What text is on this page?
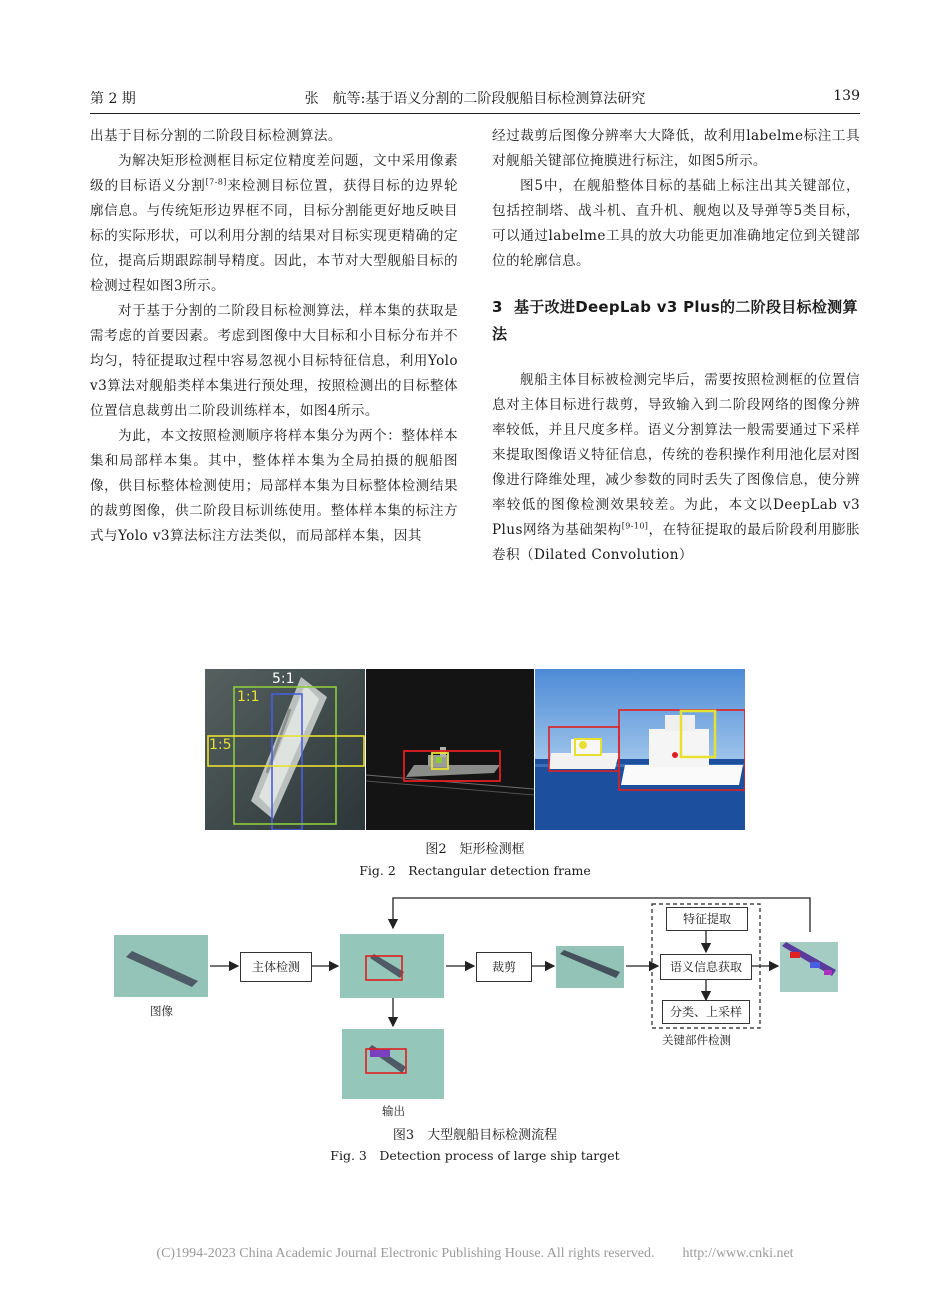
第 2 期	张　航等:基于语义分割的二阶段舰船目标检测算法研究	139

出基于目标分割的二阶段目标检测算法。

为解决矩形检测框目标定位精度差问题，文中采用像素级的目标语义分割[7-8]来检测目标位置，获得目标的边界轮廓信息。与传统矩形边界框不同，目标分割能更好地反映目标的实际形状，可以利用分割的结果对目标实现更精确的定位，提高后期跟踪制导精度。因此，本节对大型舰船目标的检测过程如图3所示。

对于基于分割的二阶段目标检测算法，样本集的获取是需考虑的首要因素。考虑到图像中大目标和小目标分布并不均匀，特征提取过程中容易忽视小目标特征信息，利用Yolo v3算法对舰船类样本集进行预处理，按照检测出的目标整体位置信息裁剪出二阶段训练样本，如图4所示。

为此，本文按照检测顺序将样本集分为两个：整体样本集和局部样本集。其中，整体样本集为全局拍摄的舰船图像，供目标整体检测使用；局部样本集为目标整体检测结果的裁剪图像，供二阶段目标训练使用。整体样本集的标注方式与Yolo v3算法标注方法类似，而局部样本集，因其

经过裁剪后图像分辨率大大降低，故利用labelme标注工具对舰船关键部位掩膜进行标注，如图5所示。

图5中，在舰船整体目标的基础上标注出其关键部位，包括控制塔、战斗机、直升机、舰炮以及导弹等5类目标，可以通过labelme工具的放大功能更加准确地定位到关键部位的轮廓信息。

3 基于改进DeepLab v3 Plus的二阶段目标检测算法

舰船主体目标被检测完毕后，需要按照检测框的位置信息对主体目标进行裁剪，导致输入到二阶段网络的图像分辨率较低，并且尺度多样。语义分割算法一般需要通过下采样来提取图像语义特征信息，传统的卷积操作利用池化层对图像进行降维处理，减少参数的同时丢失了图像信息，使分辨率较低的图像检测效果较差。为此，本文以DeepLab v3 Plus网络为基础架构[9-10]，在特征提取的最后阶段利用膨胀卷积（Dilated Convolution）

5:1
1:1
1:5
图2　矩形检测框
Fig. 2　Rectangular detection frame
主体检测	裁剪
特征提取
语义信息获取
分类、上采样
图像
关键部件检测
输出
图3　大型舰船目标检测流程
Fig. 3　Detection process of large ship target
(C)1994-2023 China Academic Journal Electronic Publishing House. All rights reserved.　　http://www.cnki.net
